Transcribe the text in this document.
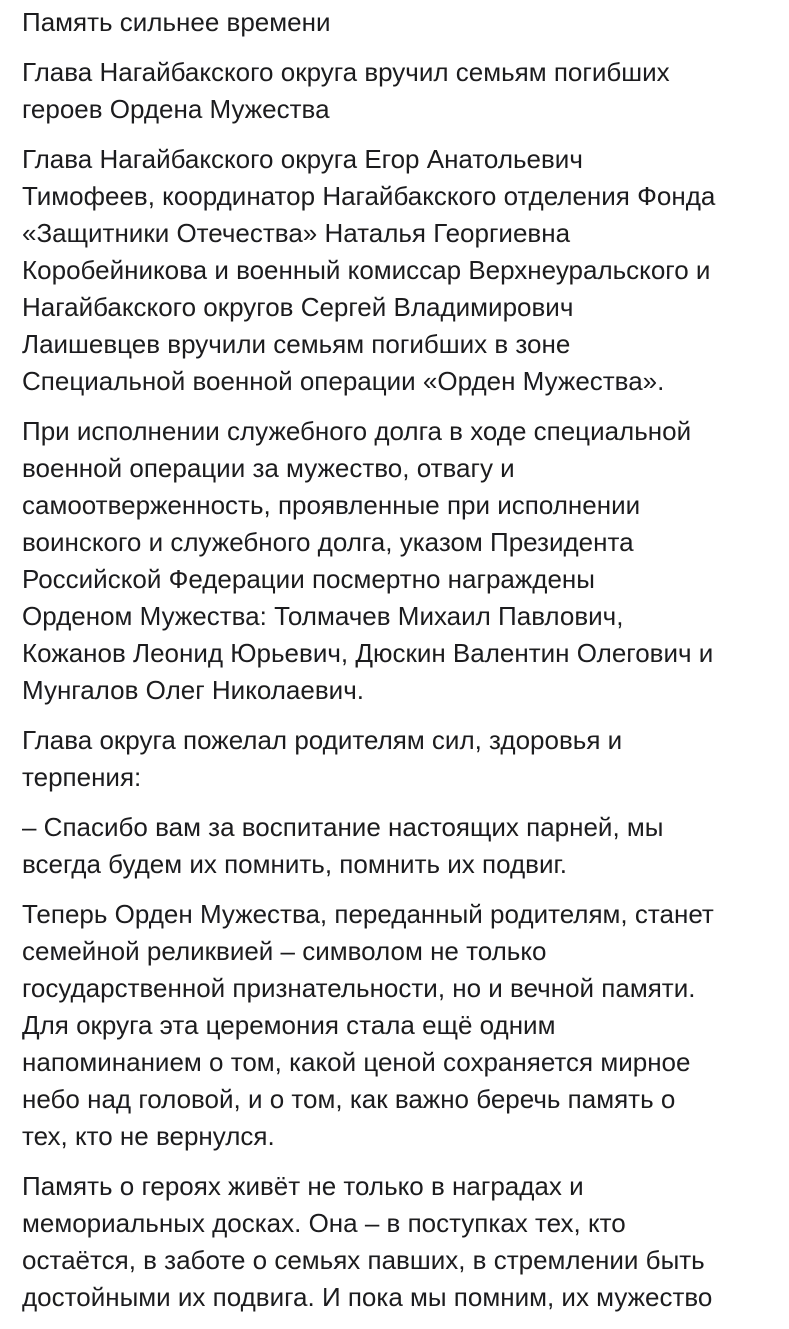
Память сильнее времени

Глава Нагайбакского округа вручил семьям погибших
героев Ордена Мужества

Глава Нагайбакского округа Егор Анатольевич
Тимофеев, координатор Нагайбакского отделения Фонда
«Защитники Отечества» Наталья Георгиевна
Коробейникова и военный комиссар Верхнеуральского и
Нагайбакского округов Сергей Владимирович
Лаишевцев вручили семьям погибших в зоне
Специальной военной операции «Орден Мужества».

При исполнении служебного долга в ходе специальной
военной операции за мужество, отвагу и
самоотверженность, проявленные при исполнении
воинского и служебного долга, указом Президента
Российской Федерации посмертно награждены
Орденом Мужества: Толмачев Михаил Павлович,
Кожанов Леонид Юрьевич, Дюскин Валентин Олегович и
Мунгалов Олег Николаевич.

Глава округа пожелал родителям сил, здоровья и
терпения:

– Спасибо вам за воспитание настоящих парней, мы
всегда будем их помнить, помнить их подвиг.

Теперь Орден Мужества, переданный родителям, станет
семейной реликвией – символом не только
государственной признательности, но и вечной памяти.
Для округа эта церемония стала ещё одним
напоминанием о том, какой ценой сохраняется мирное
небо над головой, и о том, как важно беречь память о
тех, кто не вернулся.

Память о героях живёт не только в наградах и
мемориальных досках. Она – в поступках тех, кто
остаётся, в заботе о семьях павших, в стремлении быть
достойными их подвига. И пока мы помним, их мужество
